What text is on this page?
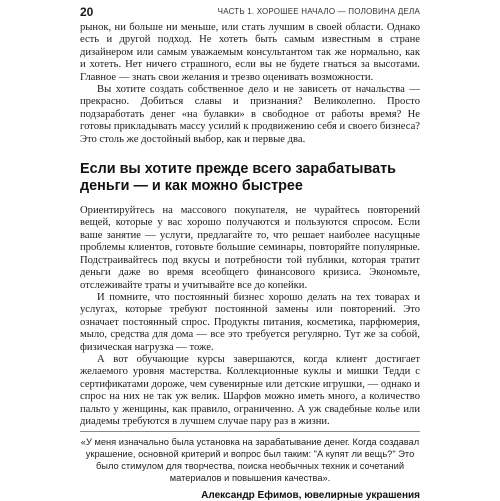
20	ЧАСТЬ 1. ХОРОШЕЕ НАЧАЛО — ПОЛОВИНА ДЕЛА

рынок, ни больше ни меньше, или стать лучшим в своей области. Однако есть и другой подход. Не хотеть быть самым известным в стране дизайнером или самым уважаемым консультантом так же нормально, как и хотеть. Нет ничего страшного, если вы не будете гнаться за высотами. Главное — знать свои желания и трезво оценивать возможности.

Вы хотите создать собственное дело и не зависеть от начальства — прекрасно. Добиться славы и признания? Великолепно. Просто подзаработать денег «на булавки» в свободное от работы время? Не готовы прикладывать массу усилий к продвижению себя и своего бизнеса? Это столь же достойный выбор, как и первые два.

Если вы хотите прежде всего зарабатывать деньги — и как можно быстрее

Ориентируйтесь на массового покупателя, не чурайтесь повторений вещей, которые у вас хорошо получаются и пользуются спросом. Если ваше занятие — услуги, предлагайте то, что решает наиболее насущные проблемы клиентов, готовьте большие семинары, повторяйте популярные. Подстраивайтесь под вкусы и потребности той публики, которая тратит деньги даже во время всеобщего финансового кризиса. Экономьте, отслеживайте траты и учитывайте все до копейки.

И помните, что постоянный бизнес хорошо делать на тех товарах и услугах, которые требуют постоянной замены или повторений. Это означает постоянный спрос. Продукты питания, косметика, парфюмерия, мыло, средства для дома — все это требуется регулярно. Тут же за собой, физическая нагрузка — тоже.

А вот обучающие курсы завершаются, когда клиент достигает желаемого уровня мастерства. Коллекционные куклы и мишки Тедди с сертификатами дороже, чем сувенирные или детские игрушки, — однако и спрос на них не так уж велик. Шарфов можно иметь много, а количество пальто у женщины, как правило, ограниченно. А уж свадебные колье или диадемы требуются в лучшем случае пару раз в жизни.

«У меня изначально была установка на зарабатывание денег. Когда создавал украшение, основной критерий и вопрос был таким: "А купят ли вещь?" Это было стимулом для творчества, поиска необычных техник и сочетаний материалов и повышения качества».
Александр Ефимов, ювелирные украшения
